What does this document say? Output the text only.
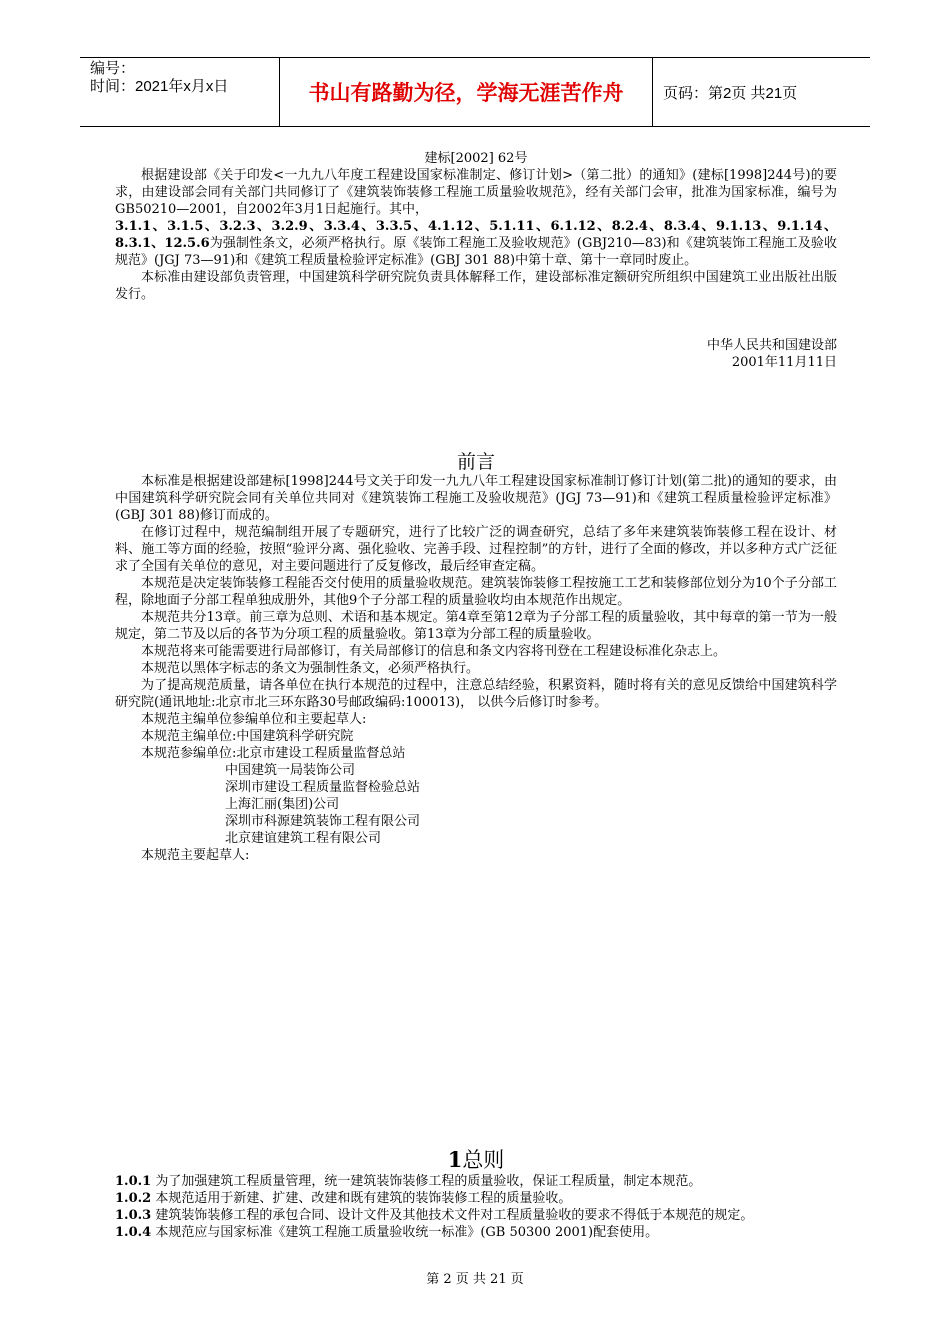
编号：
时间：2021年x月x日	书山有路勤为径，学海无涯苦作舟	页码：第2页 共21页
建标[2002] 62号

根据建设部《关于印发<一九九八年度工程建设国家标准制定、修订计划>（第二批）的通知》(建标[1998]244号)的要求，由建设部会同有关部门共同修订了《建筑装饰装修工程施工质量验收规范》，经有关部门会审，批准为国家标准，编号为GB50210—2001，自2002年3月1日起施行。其中，

3.1.1、3.1.5、3.2.3、3.2.9、3.3.4、3.3.5、4.1.12、5.1.11、6.1.12、8.2.4、8.3.4、9.1.13、9.1.14、8.3.1、12.5.6为强制性条文，必须严格执行。原《装饰工程施工及验收规范》(GBJ210—83)和《建筑装饰工程施工及验收规范》(JGJ 73—91)和《建筑工程质量检验评定标准》(GBJ 301 88)中第十章、第十一章同时废止。

本标准由建设部负责管理，中国建筑科学研究院负责具体解释工作，建设部标准定额研究所组织中国建筑工业出版社出版发行。

中华人民共和国建设部
2001年11月11日
前言

本标准是根据建设部建标[1998]244号文关于印发一九九八年工程建设国家标准制订修订计划(第二批)的通知的要求，由中国建筑科学研究院会同有关单位共同对《建筑装饰工程施工及验收规范》(JGJ 73—91)和《建筑工程质量检验评定标准》(GBJ 301 88)修订而成的。

在修订过程中，规范编制组开展了专题研究，进行了比较广泛的调查研究，总结了多年来建筑装饰装修工程在设计、材料、施工等方面的经验，按照“验评分离、强化验收、完善手段、过程控制”的方针，进行了全面的修改，并以多种方式广泛征求了全国有关单位的意见，对主要问题进行了反复修改，最后经审查定稿。

本规范是决定装饰装修工程能否交付使用的质量验收规范。建筑装饰装修工程按施工工艺和装修部位划分为10个子分部工程，除地面子分部工程单独成册外，其他9个子分部工程的质量验收均由本规范作出规定。

本规范共分13章。前三章为总则、术语和基本规定。第4章至第12章为子分部工程的质量验收，其中每章的第一节为一般规定，第二节及以后的各节为分项工程的质量验收。第13章为分部工程的质量验收。

本规范将来可能需要进行局部修订，有关局部修订的信息和条文内容将刊登在工程建设标准化杂志上。

本规范以黑体字标志的条文为强制性条文，必须严格执行。

为了提高规范质量，请各单位在执行本规范的过程中，注意总结经验，积累资料，随时将有关的意见反馈给中国建筑科学研究院(通讯地址:北京市北三环东路30号邮政编码:100013)， 以供今后修订时参考。

本规范主编单位参编单位和主要起草人:

本规范主编单位:中国建筑科学研究院

本规范参编单位:北京市建设工程质量监督总站

中国建筑一局装饰公司
深圳市建设工程质量监督检验总站
上海汇丽(集团)公司
深圳市科源建筑装饰工程有限公司
北京建谊建筑工程有限公司

本规范主要起草人:

1总则
1.0.1 为了加强建筑工程质量管理，统一建筑装饰装修工程的质量验收，保证工程质量，制定本规范。
1.0.2 本规范适用于新建、扩建、改建和既有建筑的装饰装修工程的质量验收。
1.0.3 建筑装饰装修工程的承包合同、设计文件及其他技术文件对工程质量验收的要求不得低于本规范的规定。
1.0.4 本规范应与国家标准《建筑工程施工质量验收统一标准》(GB 50300 2001)配套使用。
第 2 页 共 21 页
